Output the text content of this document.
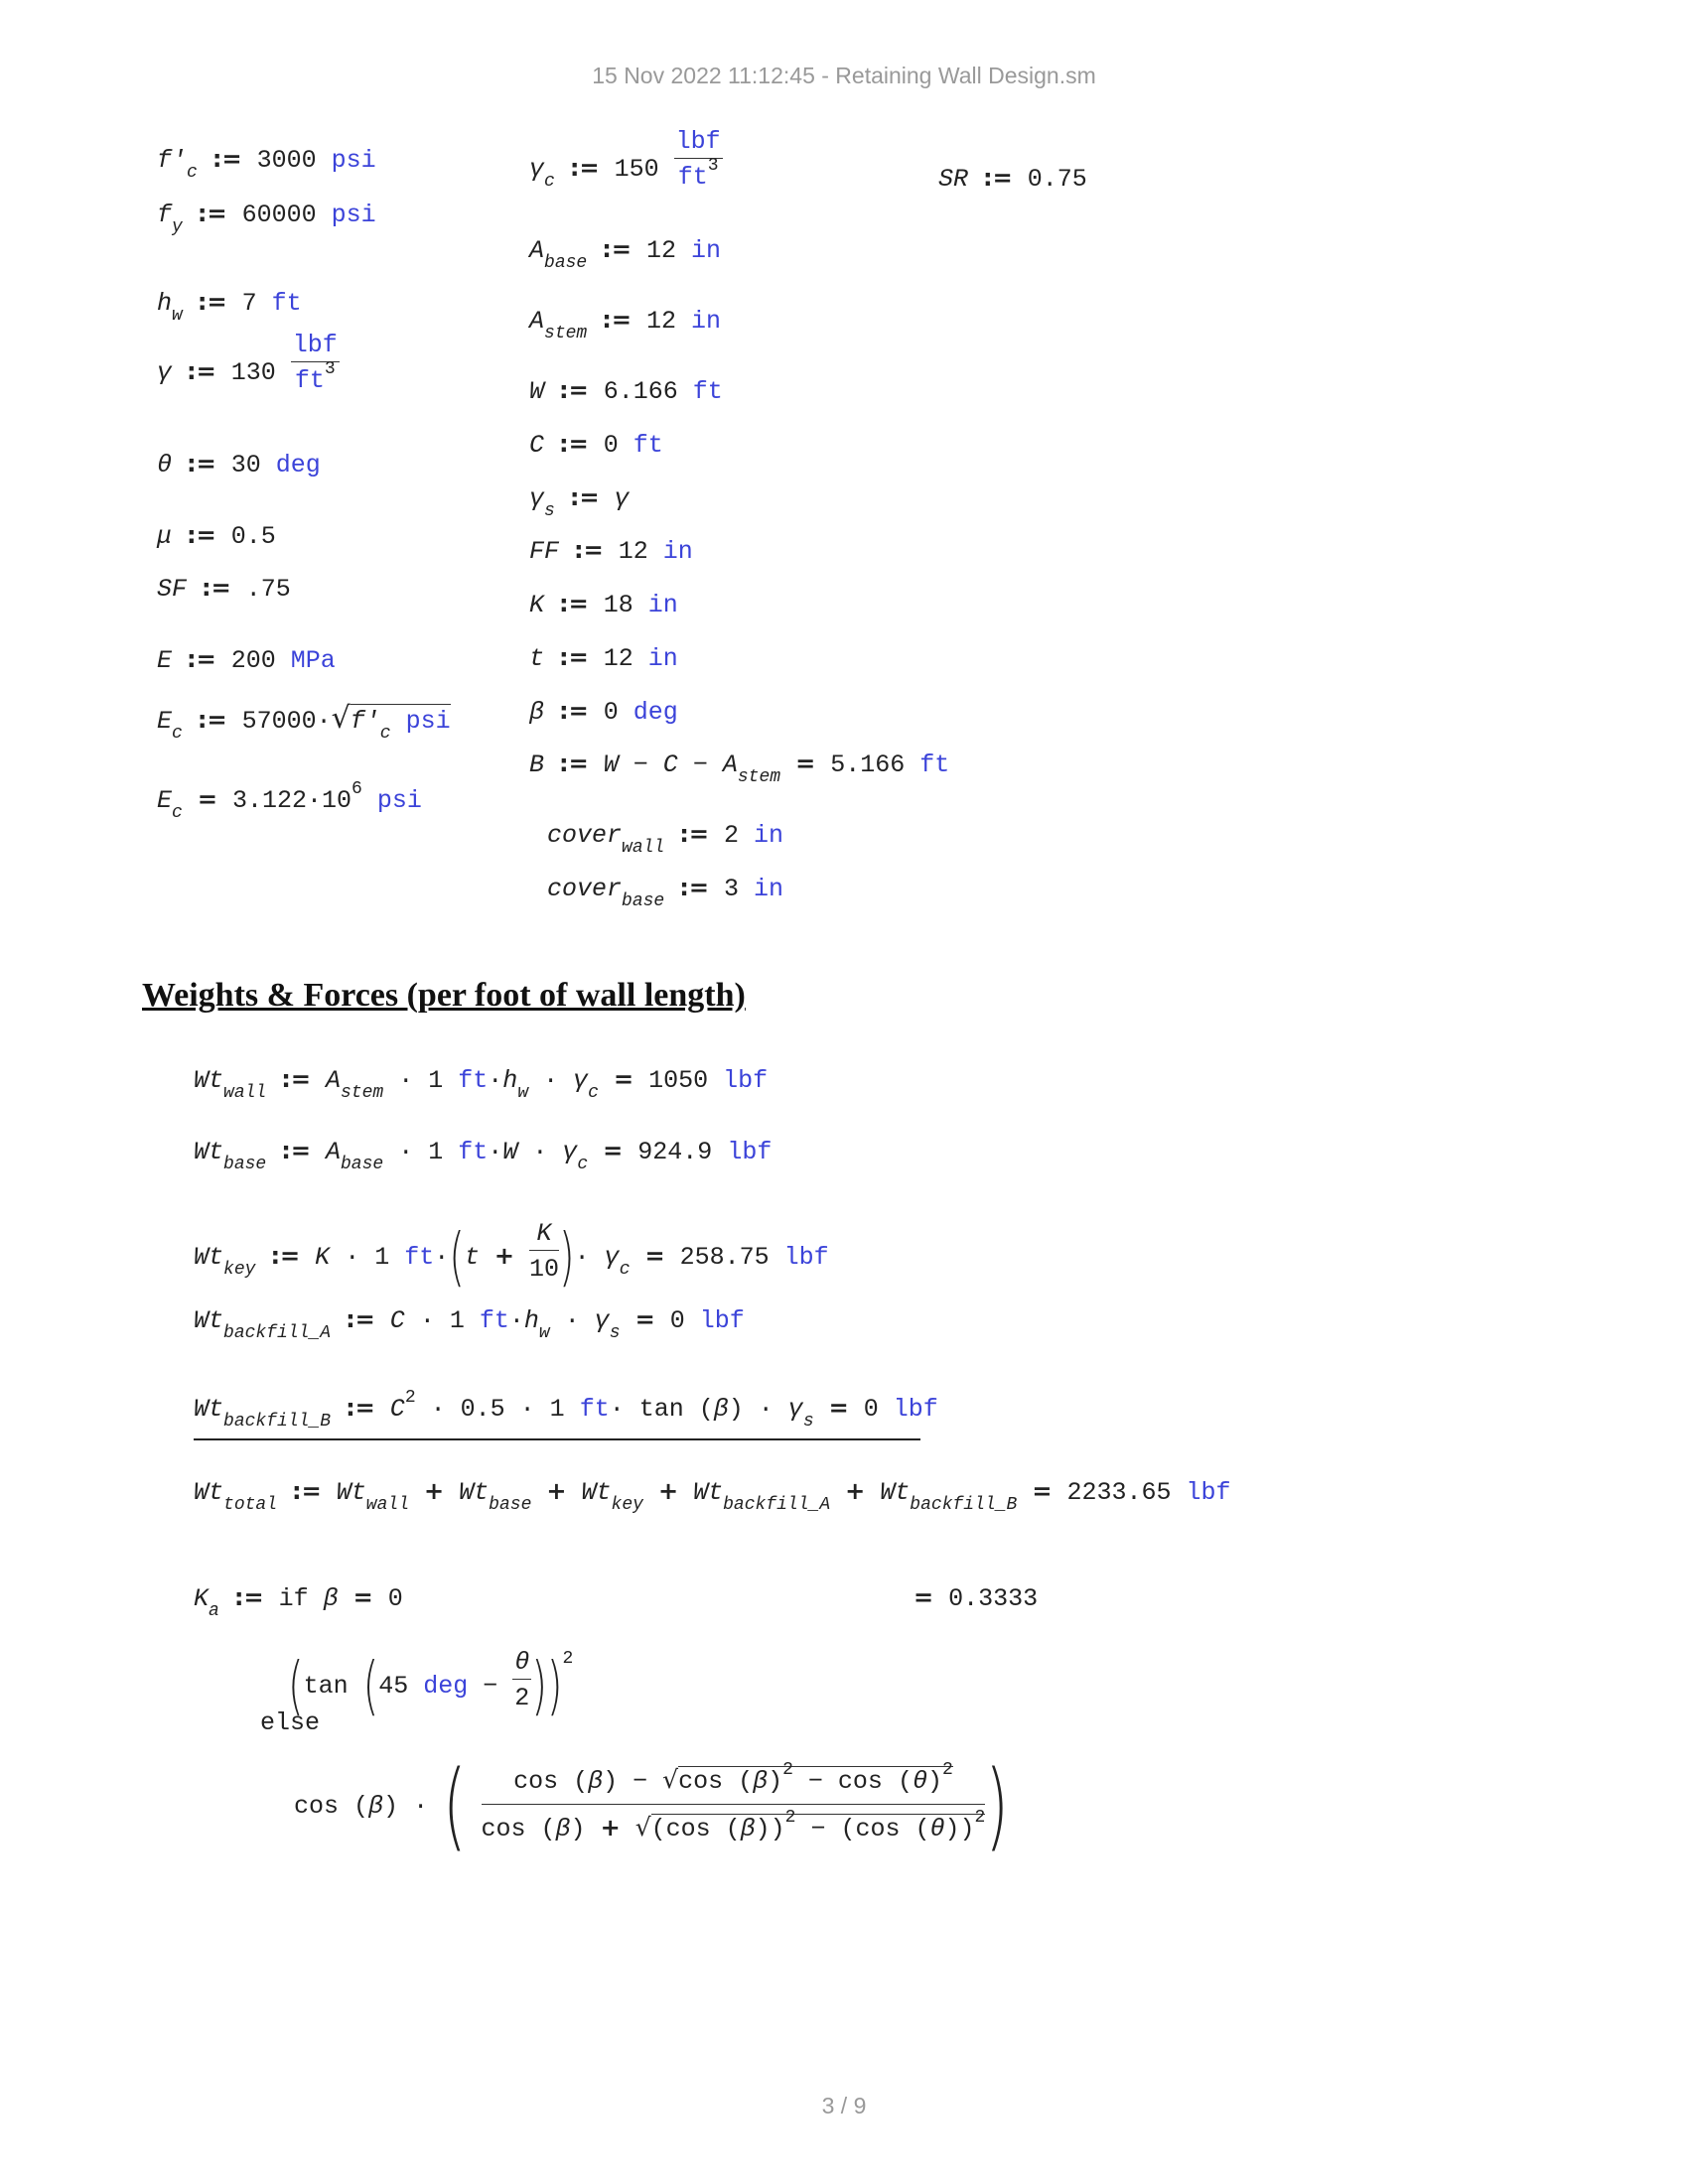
15 Nov 2022 11:12:45 - Retaining Wall Design.sm
$f'_c$ := 3000 psi
$f_y$ := 60000 psi
$h_w$ := 7 ft
γ := $130 \frac{\text{lbf}}{ft^3}$
θ := 30 deg
μ := 0.5
SF := .75
E := 200 MPa
$E_c$ := $57000\cdot√f'_c$ psi
$E_c = 3.122\cdot 10^6$ psi
$\gamma_c$ := $150 \frac{\text{lbf}}{ft^3}$
$A_{base}$ := 12 in
$A_{stem}$ := 12 in
W := 6.166 ft
C := 0 ft
$\gamma_s$ := γ
FF := 12 in
K := 18 in
t := 12 in
β := 0 deg
B := $W - C - A_{stem} = 5.166$ ft
cover$_{wall}$ := 2 in
cover$_{base}$ := 3 in
SR := 0.75
Weights & Forces (per foot of wall length)
$Wt_{wall}$ := $A_{stem} \cdot 1$ $ft\cdot h_w \cdot \gamma_c = 1050$ lbf
$Wt_{base}$ := $A_{base} \cdot 1$ $ft\cdot W \cdot \gamma_c = 924.9$ lbf
$Wt_{key}$ := K · 1 $ft\cdot(t + \frac{K}{10}$ )· $\gamma_c = 258.75$ lbf
$Wt_{backfill\_A}$ := C · 1 $ft\cdot h_w \cdot \gamma_s = 0$ lbf
$Wt_{backfill\_B}$ := $C^2 \cdot 0.5 \cdot 1$ $ft\cdot \tan (\beta) \cdot \gamma_s = 0$ lbf
$Wt_{total}$ := $Wt_{wall} + Wt_{base} + Wt_{key} + Wt_{backfill\_A} + Wt_{backfill\_B} = 2233.65$ lbf
$K_a$ := if β = 0	= 0.3333
(tan (45 deg − $\frac{\theta}{2} ))^2$
else
cos (β) · ( $\frac{\cos (\beta) - √\cos (\beta)^2 - \cos (\theta)^2}{\cos (\beta) + √(\cos (\beta))^2 - (\cos (\theta))^2}$ )
3 / 9
